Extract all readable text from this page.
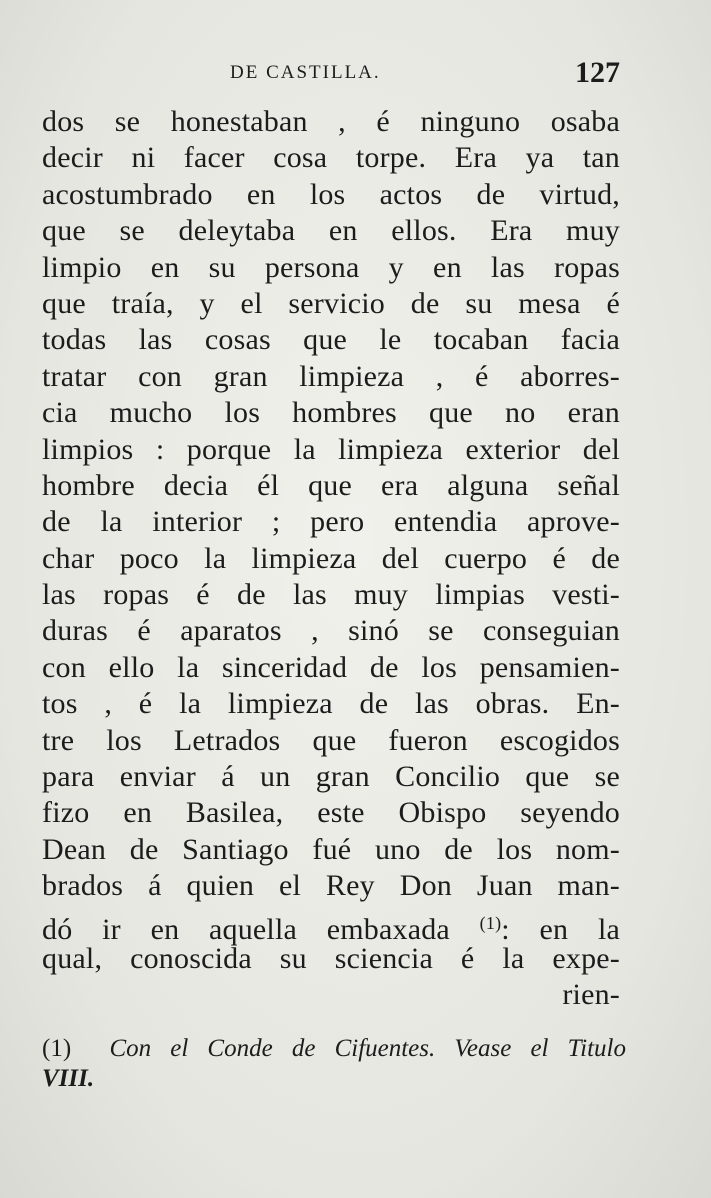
DE CASTILLA.	127
dos se honestaban , é ninguno osaba
decir ni facer cosa torpe. Era ya tan
acostumbrado en los actos de virtud,
que se deleytaba en ellos. Era muy
limpio en su persona y en las ropas
que traía, y el servicio de su mesa é
todas las cosas que le tocaban facia
tratar con gran limpieza , é aborres-
cia mucho los hombres que no eran
limpios : porque la limpieza exterior del
hombre decia él que era alguna señal
de la interior ; pero entendia aprove-
char poco la limpieza del cuerpo é de
las ropas é de las muy limpias vesti-
duras é aparatos , sinó se conseguian
con ello la sinceridad de los pensamien-
tos , é la limpieza de las obras. En-
tre los Letrados que fueron escogidos
para enviar á un gran Concilio que se
fizo en Basilea, este Obispo seyendo
Dean de Santiago fué uno de los nom-
brados á quien el Rey Don Juan man-
dó ir en aquella embaxada $^{(1)}$: en la
qual, conoscida su sciencia é la expe-
rien-
(1) Con el Conde de Cifuentes. Vease el Titulo
VIII.
